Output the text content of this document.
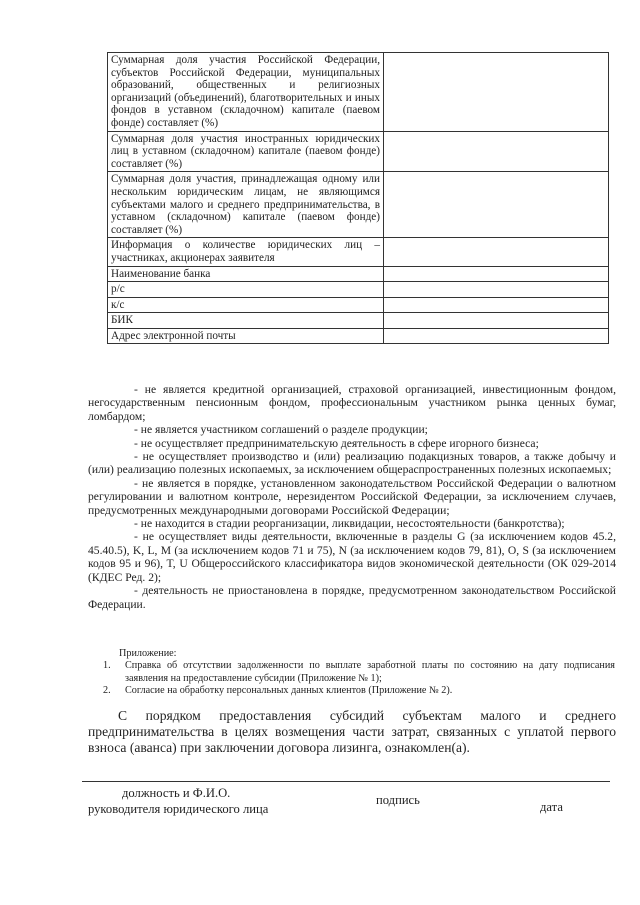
Суммарная доля участия Российской Федерации, субъектов Российской Федерации, муниципальных образований, общественных и религиозных организаций (объединений), благотворительных и иных фондов в уставном (складочном) капитале (паевом фонде) составляет (%)	
Суммарная доля участия иностранных юридических лиц в уставном (складочном) капитале (паевом фонде) составляет (%)	
Суммарная доля участия, принадлежащая одному или нескольким юридическим лицам, не являющимся субъектами малого и среднего предпринимательства, в уставном (складочном) капитале (паевом фонде) составляет (%)	
Информация о количестве юридических лиц – участниках, акционерах заявителя	
Наименование банка	
р/с	
к/с	
БИК	
Адрес электронной почты	

- не является кредитной организацией, страховой организацией, инвестиционным фондом, негосударственным пенсионным фондом, профессиональным участником рынка ценных бумаг, ломбардом;

- не является участником соглашений о разделе продукции;

- не осуществляет предпринимательскую деятельность в сфере игорного бизнеса;

- не осуществляет производство и (или) реализацию подакцизных товаров, а также добычу и (или) реализацию полезных ископаемых, за исключением общераспространенных полезных ископаемых;

- не является в порядке, установленном законодательством Российской Федерации о валютном регулировании и валютном контроле, нерезидентом Российской Федерации, за исключением случаев, предусмотренных международными договорами Российской Федерации;

- не находится в стадии реорганизации, ликвидации, несостоятельности (банкротства);

- не осуществляет виды деятельности, включенные в разделы G (за исключением кодов 45.2, 45.40.5), K, L, M (за исключением кодов 71 и 75), N (за исключением кодов 79, 81), O, S (за исключением кодов 95 и 96), T, U Общероссийского классификатора видов экономической деятельности (ОК 029-2014 (КДЕС Ред. 2);

- деятельность не приостановлена в порядке, предусмотренном законодательством Российской Федерации.

Приложение:

1.	Справка об отсутствии задолженности по выплате заработной платы по состоянию на дату подписания заявления на предоставление субсидии (Приложение № 1);
2.	Согласие на обработку персональных данных клиентов (Приложение № 2).

С порядком предоставления субсидий субъектам малого и среднего предпринимательства в целях возмещения части затрат, связанных с уплатой первого взноса (аванса) при заключении договора лизинга, ознакомлен(а).

должность и Ф.И.О.	подпись	дата
руководителя юридического лица
